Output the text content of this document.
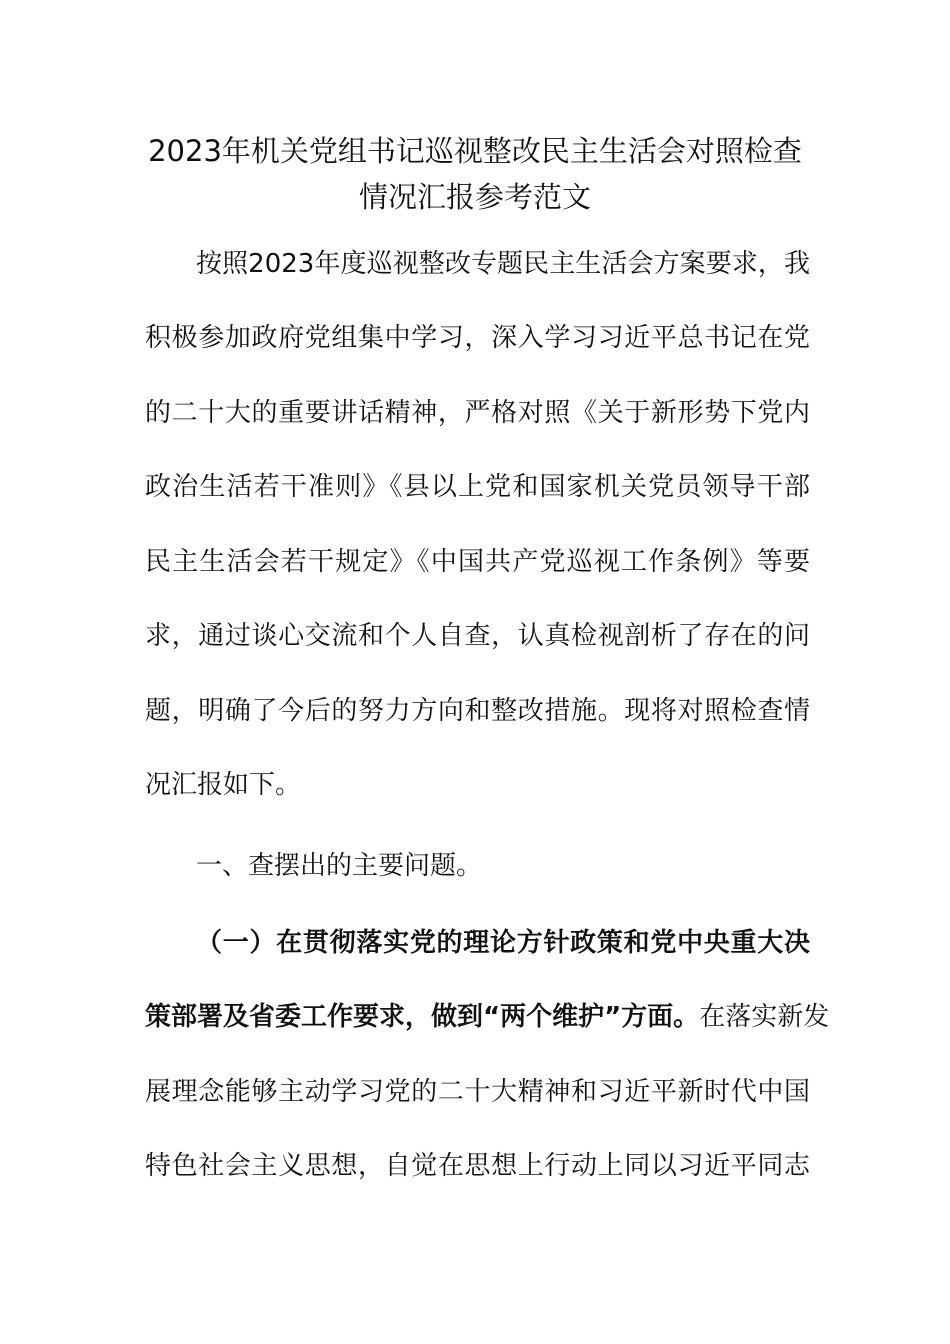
2023年机关党组书记巡视整改民主生活会对照检查
情况汇报参考范文

按照2023年度巡视整改专题民主生活会方案要求，我

积极参加政府党组集中学习，深入学习习近平总书记在党

的二十大的重要讲话精神，严格对照《关于新形势下党内

政治生活若干准则》《县以上党和国家机关党员领导干部

民主生活会若干规定》《中国共产党巡视工作条例》等要

求，通过谈心交流和个人自查，认真检视剖析了存在的问

题，明确了今后的努力方向和整改措施。现将对照检查情

况汇报如下。

一、查摆出的主要问题。

（一）在贯彻落实党的理论方针政策和党中央重大决

策部署及省委工作要求，做到“两个维护”方面。在落实新发

展理念能够主动学习党的二十大精神和习近平新时代中国

特色社会主义思想，自觉在思想上行动上同以习近平同志
